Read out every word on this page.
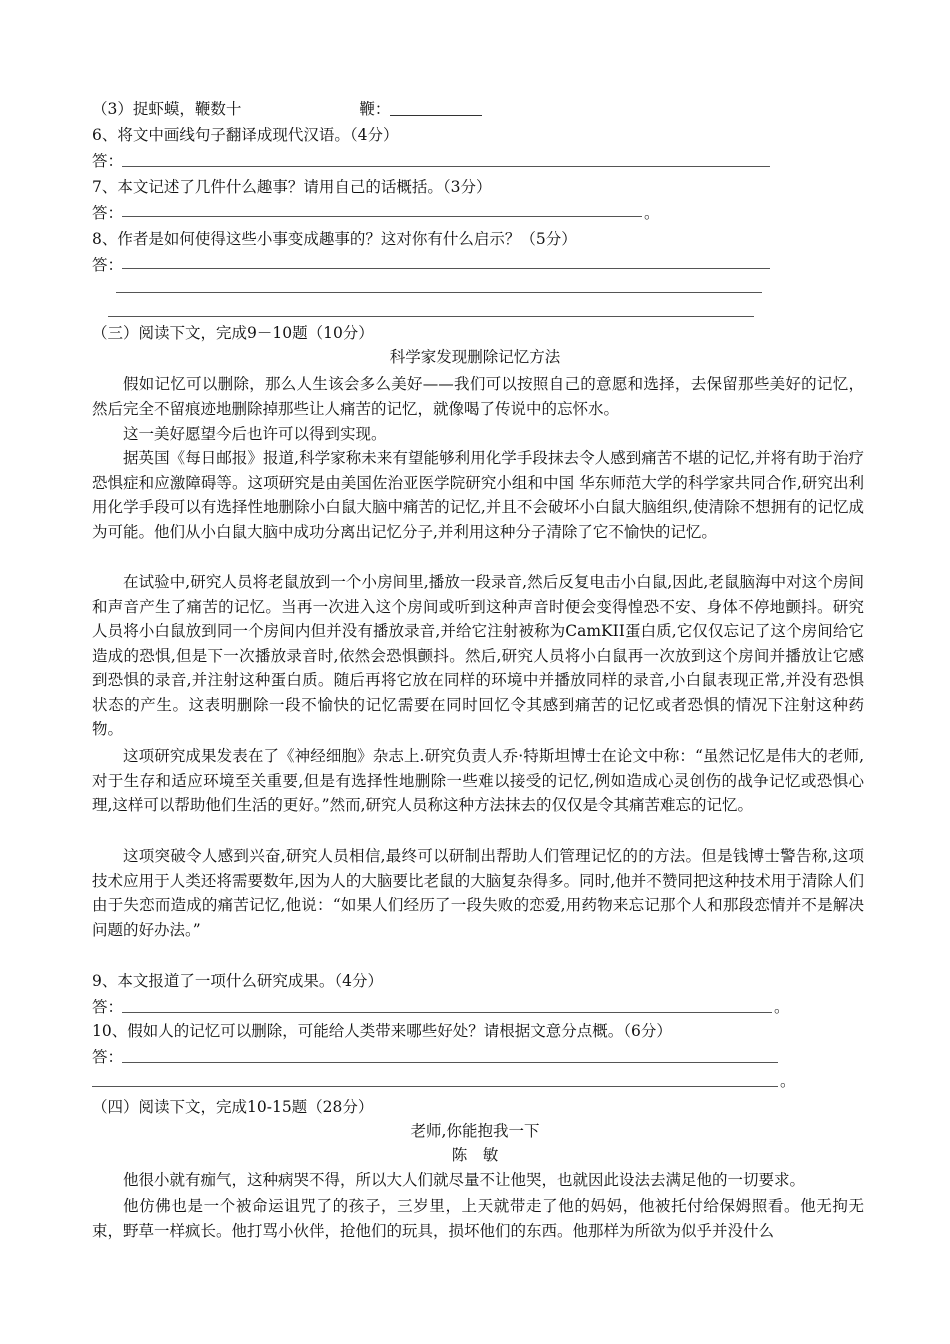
（3）捉虾蟆，鞭数十	鞭：
6、将文中画线句子翻译成现代汉语。（4分）
答：
7、本文记述了几件什么趣事？请用自己的话概括。（3分）
答：	。
8、作者是如何使得这些小事变成趣事的？这对你有什么启示？（5分）
答：
（三）阅读下文，完成9－10题（10分）
科学家发现删除记忆方法
假如记忆可以删除，那么人生该会多么美好——我们可以按照自己的意愿和选择，去保留那些美好的记忆，然后完全不留痕迹地删除掉那些让人痛苦的记忆，就像喝了传说中的忘怀水。
这一美好愿望今后也许可以得到实现。
据英国《每日邮报》报道,科学家称未来有望能够利用化学手段抹去令人感到痛苦不堪的记忆,并将有助于治疗恐惧症和应激障碍等。这项研究是由美国佐治亚医学院研究小组和中国 华东师范大学的科学家共同合作,研究出利用化学手段可以有选择性地删除小白鼠大脑中痛苦的记忆,并且不会破坏小白鼠大脑组织,使清除不想拥有的记忆成为可能。他们从小白鼠大脑中成功分离出记忆分子,并利用这种分子清除了它不愉快的记忆。
在试验中,研究人员将老鼠放到一个小房间里,播放一段录音,然后反复电击小白鼠,因此,老鼠脑海中对这个房间和声音产生了痛苦的记忆。当再一次进入这个房间或听到这种声音时便会变得惶恐不安、身体不停地颤抖。研究人员将小白鼠放到同一个房间内但并没有播放录音,并给它注射被称为CamKII蛋白质,它仅仅忘记了这个房间给它造成的恐惧,但是下一次播放录音时,依然会恐惧颤抖。然后,研究人员将小白鼠再一次放到这个房间并播放让它感到恐惧的录音,并注射这种蛋白质。随后再将它放在同样的环境中并播放同样的录音,小白鼠表现正常,并没有恐惧状态的产生。这表明删除一段不愉快的记忆需要在同时回忆令其感到痛苦的记忆或者恐惧的情况下注射这种药物。
这项研究成果发表在了《神经细胞》杂志上.研究负责人乔·特斯坦博士在论文中称：“虽然记忆是伟大的老师,对于生存和适应环境至关重要,但是有选择性地删除一些难以接受的记忆,例如造成心灵创伤的战争记忆或恐惧心理,这样可以帮助他们生活的更好。”然而,研究人员称这种方法抹去的仅仅是令其痛苦难忘的记忆。
这项突破令人感到兴奋,研究人员相信,最终可以研制出帮助人们管理记忆的的方法。但是钱博士警告称,这项技术应用于人类还将需要数年,因为人的大脑要比老鼠的大脑复杂得多。同时,他并不赞同把这种技术用于清除人们由于失恋而造成的痛苦记忆,他说：“如果人们经历了一段失败的恋爱,用药物来忘记那个人和那段恋情并不是解决问题的好办法。”
9、本文报道了一项什么研究成果。（4分）
答：	。
10、假如人的记忆可以删除，可能给人类带来哪些好处？请根据文意分点概。（6分）
答：
。
（四）阅读下文，完成10-15题（28分）
老师,你能抱我一下
陈　敏
他很小就有痂气，这种病哭不得，所以大人们就尽量不让他哭，也就因此设法去满足他的一切要求。
他仿佛也是一个被命运诅咒了的孩子，三岁里，上天就带走了他的妈妈，他被托付给保姆照看。他无拘无束，野草一样疯长。他打骂小伙伴，抢他们的玩具，损坏他们的东西。他那样为所欲为似乎并没什么
